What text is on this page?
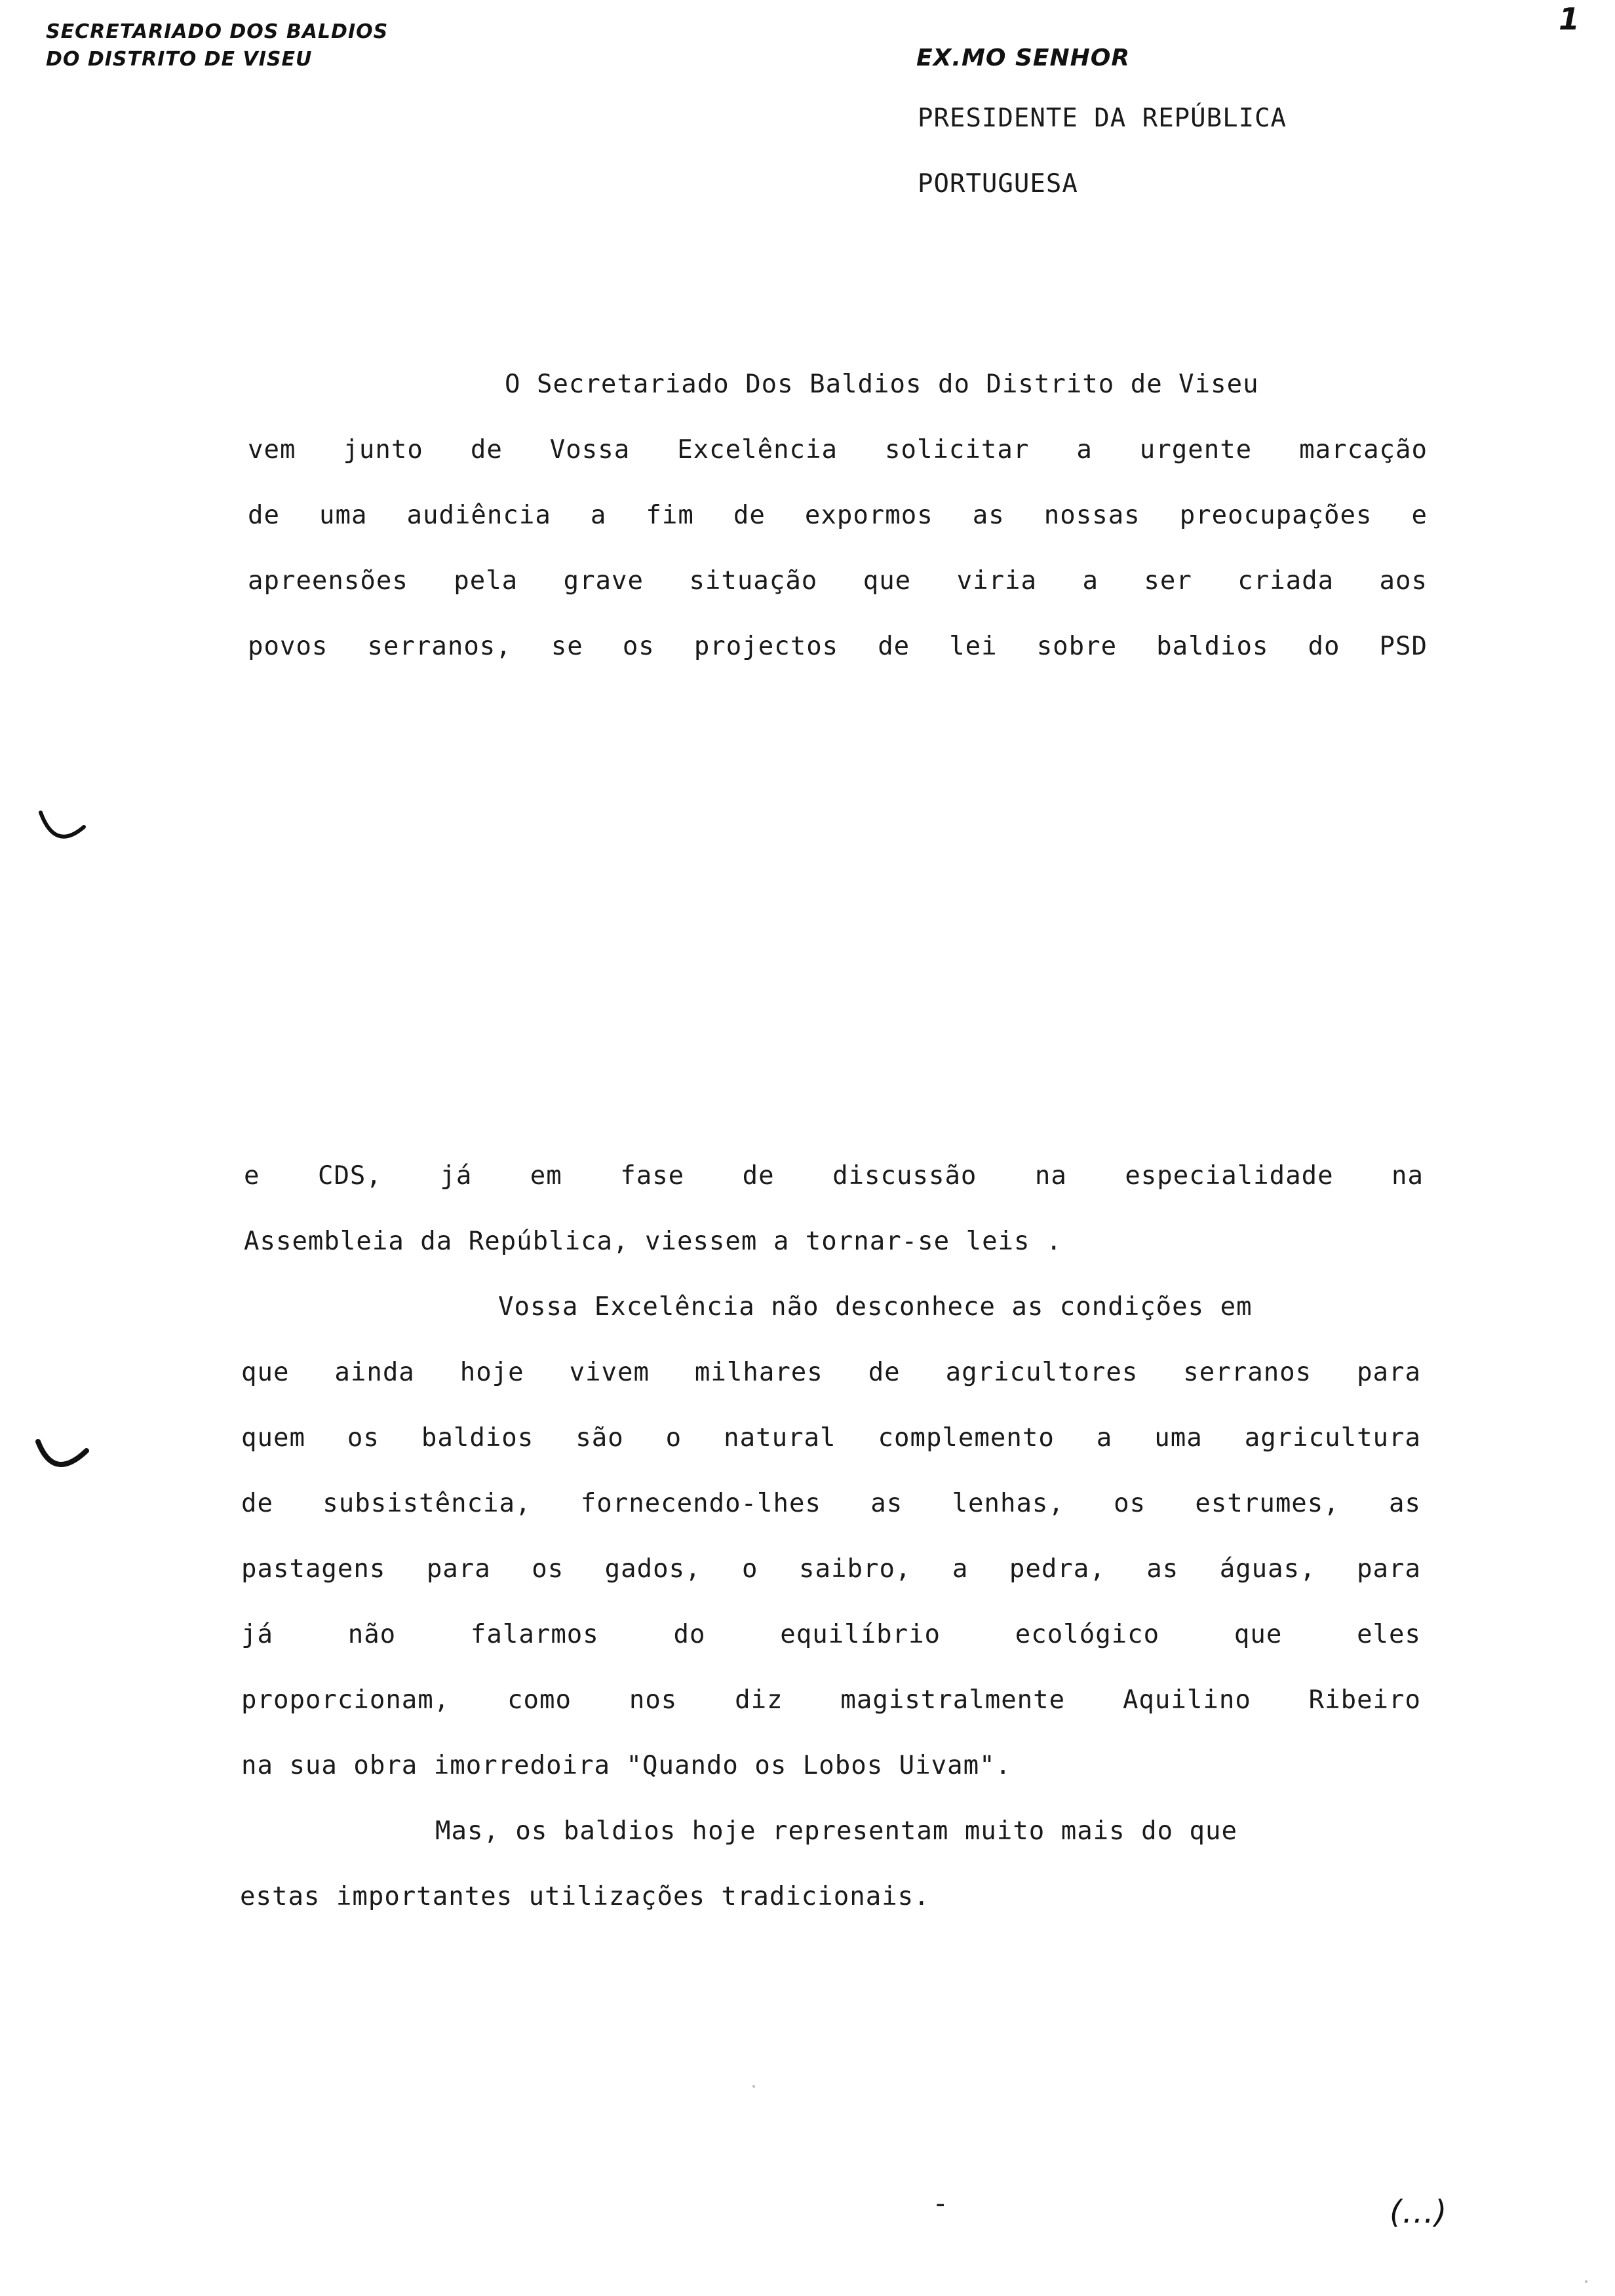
SECRETARIADO DOS BALDIOS
DO DISTRITO DE VISEU
1
EX.MO SENHOR
PRESIDENTE DA REPÚBLICA
PORTUGUESA
O Secretariado Dos Baldios do Distrito de Viseu
vem junto de Vossa Excelência solicitar a urgente marcação
de uma audiência a fim de expormos as nossas preocupações e
apreensões pela grave situação que viria a ser criada aos
povos serranos, se os projectos de lei sobre baldios do PSD
e CDS, já em fase de discussão na especialidade na
Assembleia da República, viessem a tornar-se leis .
Vossa Excelência não desconhece as condições em
que ainda hoje vivem milhares de agricultores serranos para
quem os baldios são o natural complemento a uma agricultura
de subsistência, fornecendo-lhes as lenhas, os estrumes, as
pastagens para os gados, o saibro, a pedra, as águas, para
já não falarmos do equilíbrio ecológico que eles
proporcionam, como nos diz magistralmente Aquilino Ribeiro
na sua obra imorredoira "Quando os Lobos Uivam".
Mas, os baldios hoje representam muito mais do que
estas importantes utilizações tradicionais.
-	(...)
